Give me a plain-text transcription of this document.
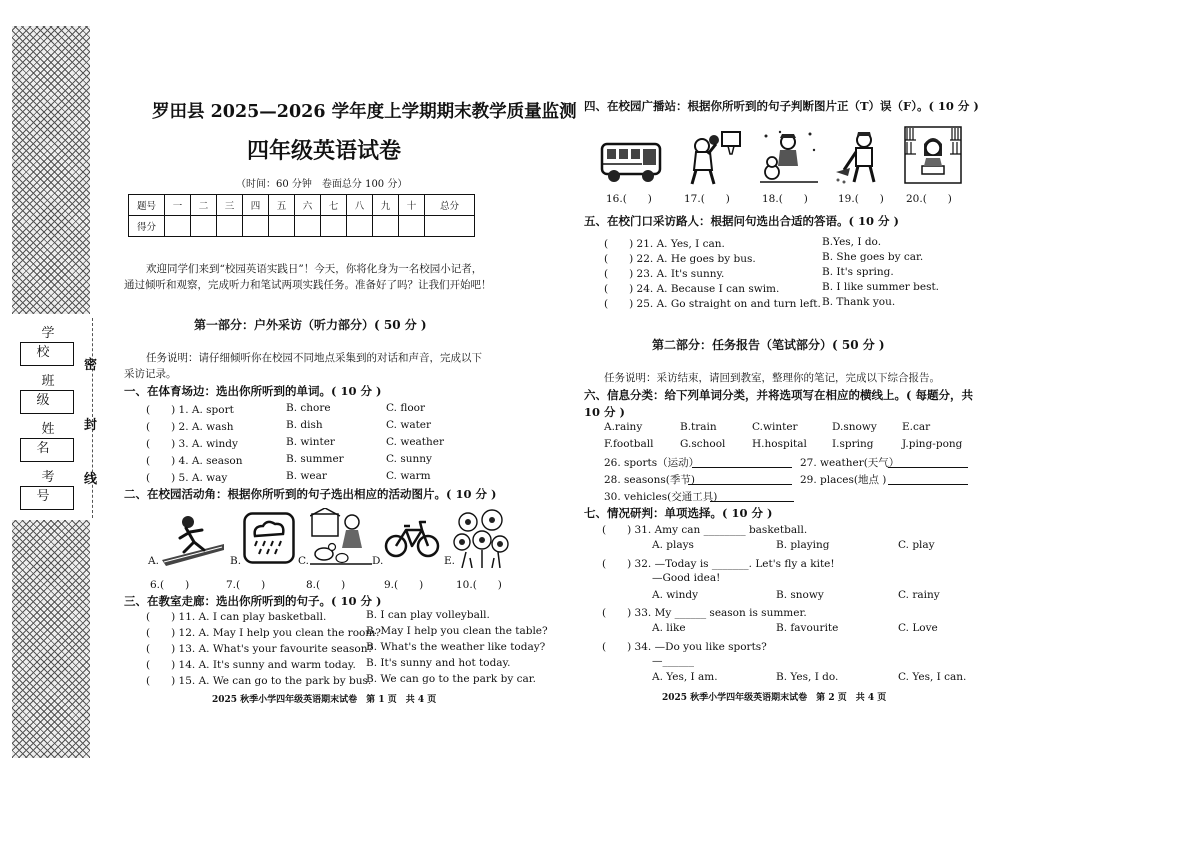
学 校
班 级
姓 名
考 号
密
封
线
罗田县 2025—2026 学年度上学期期末教学质量监测
四年级英语试卷
（时间：60 分钟　卷面总分 100 分）
题号	一	二	三	四	五	六	七	八	九	十	总分
得分											
欢迎同学们来到“校园英语实践日”！今天，你将化身为一名校园小记者，
通过倾听和观察，完成听力和笔试两项实践任务。准备好了吗？让我们开始吧！
第一部分：户外采访（听力部分）( 50 分 )
任务说明：请仔细倾听你在校园不同地点采集到的对话和声音，完成以下
采访记录。
一、在体育场边：选出你所听到的单词。( 10 分 )
(　　) 1. A. sport	B. chore	C. floor
(　　) 2. A. wash	B. dish	C. water
(　　) 3. A. windy	B. winter	C. weather
(　　) 4. A. season	B. summer	C. sunny
(　　) 5. A. way	B. wear	C. warm
二、在校园活动角：根据你所听到的句子选出相应的活动图片。( 10 分 )
A.	B.	C.	D.	E.
6.(　　)	7.(　　)	8.(　　)	9.(　　)	10.(　　)
三、在教室走廊：选出你所听到的句子。( 10 分 )
(　　) 11. A. I can play basketball.	B. I can play volleyball.
(　　) 12. A. May I help you clean the room?
B. May I help you clean the table?
(　　) 13. A. What's your favourite season?
B. What's the weather like today?
(　　) 14. A. It's sunny and warm today. B. It's sunny and hot today.
(　　) 15. A. We can go to the park by bus.
B. We can go to the park by car.
2025 秋季小学四年级英语期末试卷　第 1 页　共 4 页
四、在校园广播站：根据你所听到的句子判断图片正（T）误（F）。( 10 分 )
16.(　　)	17.(　　)	18.(　　)	19.(　　) 20.(　　)
五、在校门口采访路人：根据问句选出合适的答语。( 10 分 )
(　　) 21. A. Yes, I can.	B.Yes, I do.
(　　) 22. A. He goes by bus.	B. She goes by car.
(　　) 23. A. It's sunny.	B. It's spring.
(　　) 24. A. Because I can swim.	B. I like summer best.
(　　) 25. A. Go straight on and turn left. B. Thank you.
第二部分：任务报告（笔试部分）( 50 分 )
任务说明：采访结束，请回到教室，整理你的笔记，完成以下综合报告。
六、信息分类：给下列单词分类，并将选项写在相应的横线上。( 每题分，共
10 分 )
A.rainy	B.train	C.winter	D.snowy E.car
F.football	G.school	H.hospital I.spring	J.ping-pong
26. sports（运动）	27. weather(天气）
28. seasons(季节)	29. places(地点 )
30. vehicles(交通工具)
七、情况研判：单项选择。( 10 分 )
(　　) 31. Amy can ________ basketball.
A. plays	B. playing	C. play
(　　) 32. —Today is _______. Let's fly a kite!
—Good idea!
A. windy	B. snowy	C. rainy
(　　) 33. My ______ season is summer.
A. like	B. favourite	C. Love
(　　) 34. —Do you like sports?
—______
A. Yes, I am.	B. Yes, I do.	C. Yes, I can.
2025 秋季小学四年级英语期末试卷　第 2 页　共 4 页
